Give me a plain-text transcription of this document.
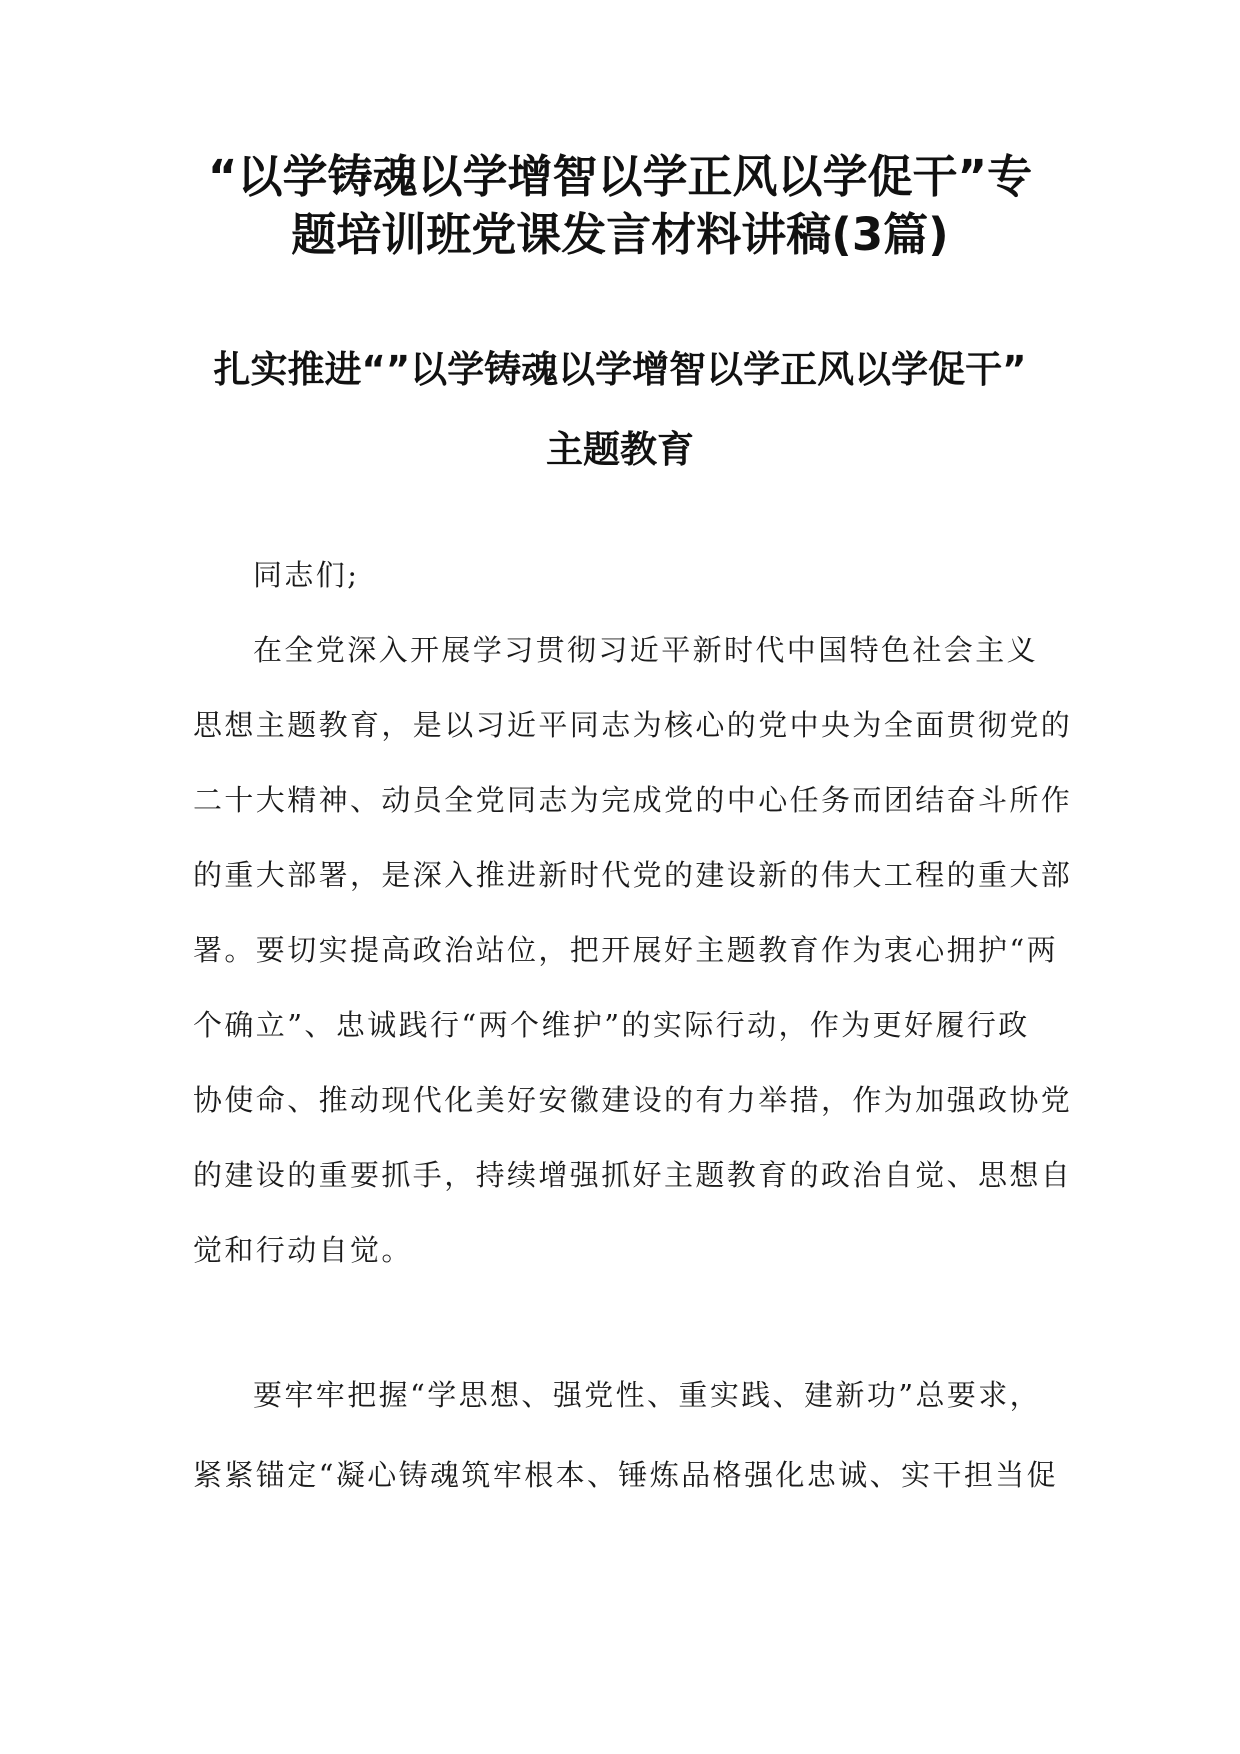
“以学铸魂以学增智以学正风以学促干”专
题培训班党课发言材料讲稿(3篇)
扎实推进“”以学铸魂以学增智以学正风以学促干”
主题教育
同志们;
在全党深入开展学习贯彻习近平新时代中国特色社会主义
思想主题教育，是以习近平同志为核心的党中央为全面贯彻党的
二十大精神、动员全党同志为完成党的中心任务而团结奋斗所作
的重大部署，是深入推进新时代党的建设新的伟大工程的重大部
署。要切实提高政治站位，把开展好主题教育作为衷心拥护“两
个确立”、忠诚践行“两个维护”的实际行动，作为更好履行政
协使命、推动现代化美好安徽建设的有力举措，作为加强政协党
的建设的重要抓手，持续增强抓好主题教育的政治自觉、思想自
觉和行动自觉。
要牢牢把握“学思想、强党性、重实践、建新功”总要求，
紧紧锚定“凝心铸魂筑牢根本、锤炼品格强化忠诚、实干担当促
